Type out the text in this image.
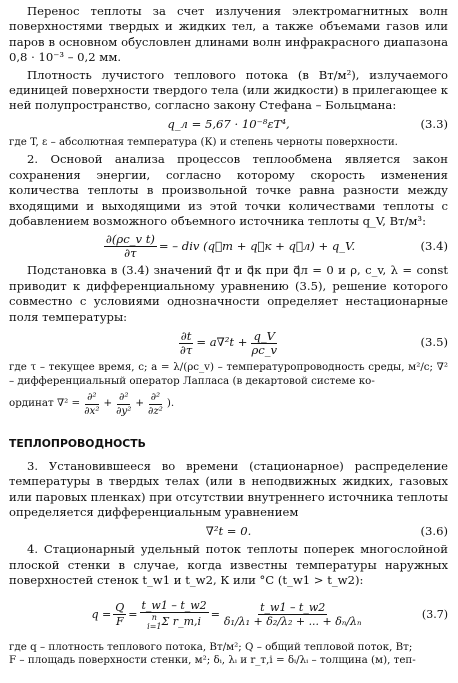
Перенос теплоты за счет излучения электромагнитных волн поверхностями твердых и жидких тел, а также объемами газов или паров в основном обусловлен длинами волн инфракрасного диапазона 0,8 · 10⁻³ – 0,2 мм.

Плотность лучистого теплового потока (в Вт/м²), излучаемого единицей поверхности твердого тела (или жидкости) в прилегающее к ней полупространство, согласно закону Стефана – Больцмана:

q_л = 5,67 · 10⁻⁸εT⁴,	(3.3)

где T, ε – абсолютная температура (К) и степень черноты поверхности.

2. Основой анализа процессов теплообмена является закон сохранения энергии, согласно которому скорость изменения количества теплоты в произвольной точке равна разности между входящими и выходящими из этой точки количествами теплоты с добавлением возможного объемного источника теплоты q_V, Вт/м³:

$\frac{\text{∂(ρc\_v t)}}{\partial\tau}$ = – div (q⃗т + q⃗к + q⃗л) + q_V.	(3.4)

Подстановка в (3.4) значений q⃗т и q⃗к при q⃗л = 0 и ρ, c_v, λ = const приводит к дифференциальному уравнению (3.5), решение которого совместно с условиями однозначности определяет нестационарные поля температуры:

$\frac{\partial t}{\partial\tau} = a\nabla^2t + \frac{q\_V}{\rho c\_v}$	(3.5)

где τ – текущее время, с; a = λ/(ρc_v) – температуропроводность среды, м²/с; ∇² – дифференциальный оператор Лапласа (в декартовой системе ко-

ординат $\nabla^2 = \frac{\text{∂²}}{\text{∂x²}} + \frac{\text{∂²}}{\text{∂y²}} + \frac{\text{∂²}}{\text{∂z²}}$ ).
ТЕПЛОПРОВОДНОСТЬ

3. Установившееся во времени (стационарное) распределение температуры в твердых телах (или в неподвижных жидких, газовых или паровых пленках) при отсутствии внутреннего источника теплоты определяется дифференциальным уравнением

∇²t = 0.	(3.6)

4. Стационарный удельный поток теплоты поперек многослойной плоской стенки в случае, когда известны температуры наружных поверхностей стенок t_w1 и t_w2, К или °C (t_w1 > t_w2):

$q = \frac{Q}{F}$ = t_w1 – t_w2
n
i=1 Σ r_т,i = $\frac{t\_w1 - t\_w2}{\text{δ₁/λ₁ + δ₂/λ₂ + ... + δₙ/λₙ}}$	(3.7)

где q – плотность теплового потока, Вт/м²; Q – общий тепловой поток, Вт;

F – площадь поверхности стенки, м²; δᵢ, λᵢ и r_т,i = δᵢ/λᵢ – толщина (м), теп-
